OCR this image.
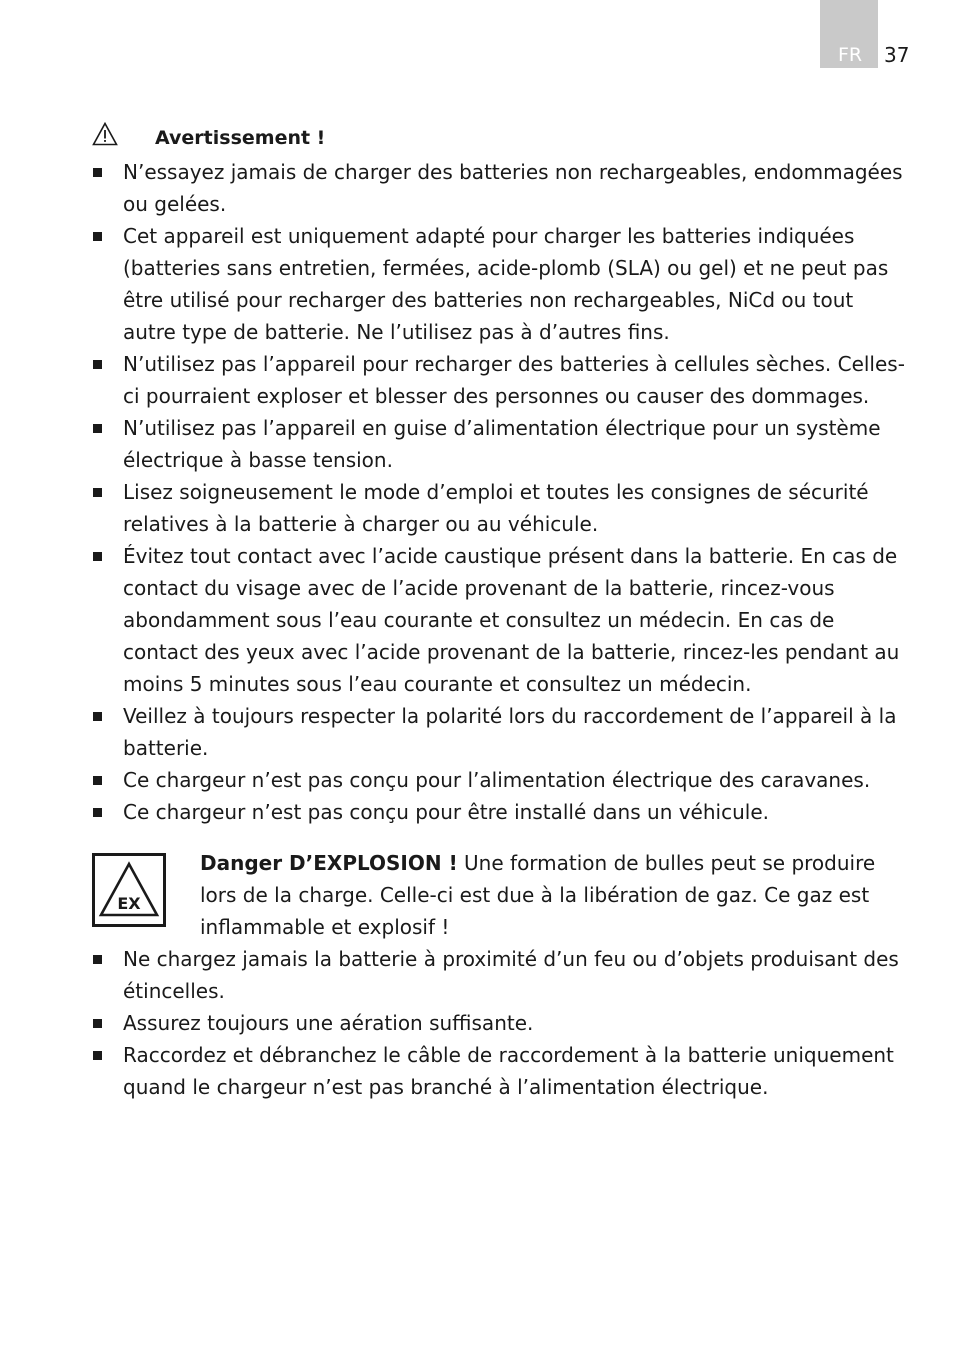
FR	37
Avertissement !
N’essayez jamais de charger des batteries non rechargeables, endommagées ou gelées.
Cet appareil est uniquement adapté pour charger les batteries indiquées (batteries sans entretien, fermées, acide-plomb (SLA) ou gel) et ne peut pas être utilisé pour recharger des batteries non rechargeables, NiCd ou tout autre type de batterie. Ne l’utilisez pas à d’autres fins.
N’utilisez pas l’appareil pour recharger des batteries à cellules sèches. Celles-ci pourraient exploser et blesser des personnes ou causer des dommages.
N’utilisez pas l’appareil en guise d’alimentation électrique pour un système électrique à basse tension.
Lisez soigneusement le mode d’emploi et toutes les consignes de sécurité relatives à la batterie à charger ou au véhicule.
Évitez tout contact avec l’acide caustique présent dans la batterie. En cas de contact du visage avec de l’acide provenant de la batterie, rincez-vous abondamment sous l’eau courante et consultez un médecin. En cas de contact des yeux avec l’acide provenant de la batterie, rincez-les pendant au moins 5 minutes sous l’eau courante et consultez un médecin.
Veillez à toujours respecter la polarité lors du raccordement de l’appareil à la batterie.
Ce chargeur n’est pas conçu pour l’alimentation électrique des caravanes.
Ce chargeur n’est pas conçu pour être installé dans un véhicule.
EX
Danger D’EXPLOSION ! Une formation de bulles peut se produire lors de la charge. Celle-ci est due à la libération de gaz. Ce gaz est inflammable et explosif !
Ne chargez jamais la batterie à proximité d’un feu ou d’objets produisant des étincelles.
Assurez toujours une aération suffisante.
Raccordez et débranchez le câble de raccordement à la batterie uniquement quand le chargeur n’est pas branché à l’alimentation électrique.
